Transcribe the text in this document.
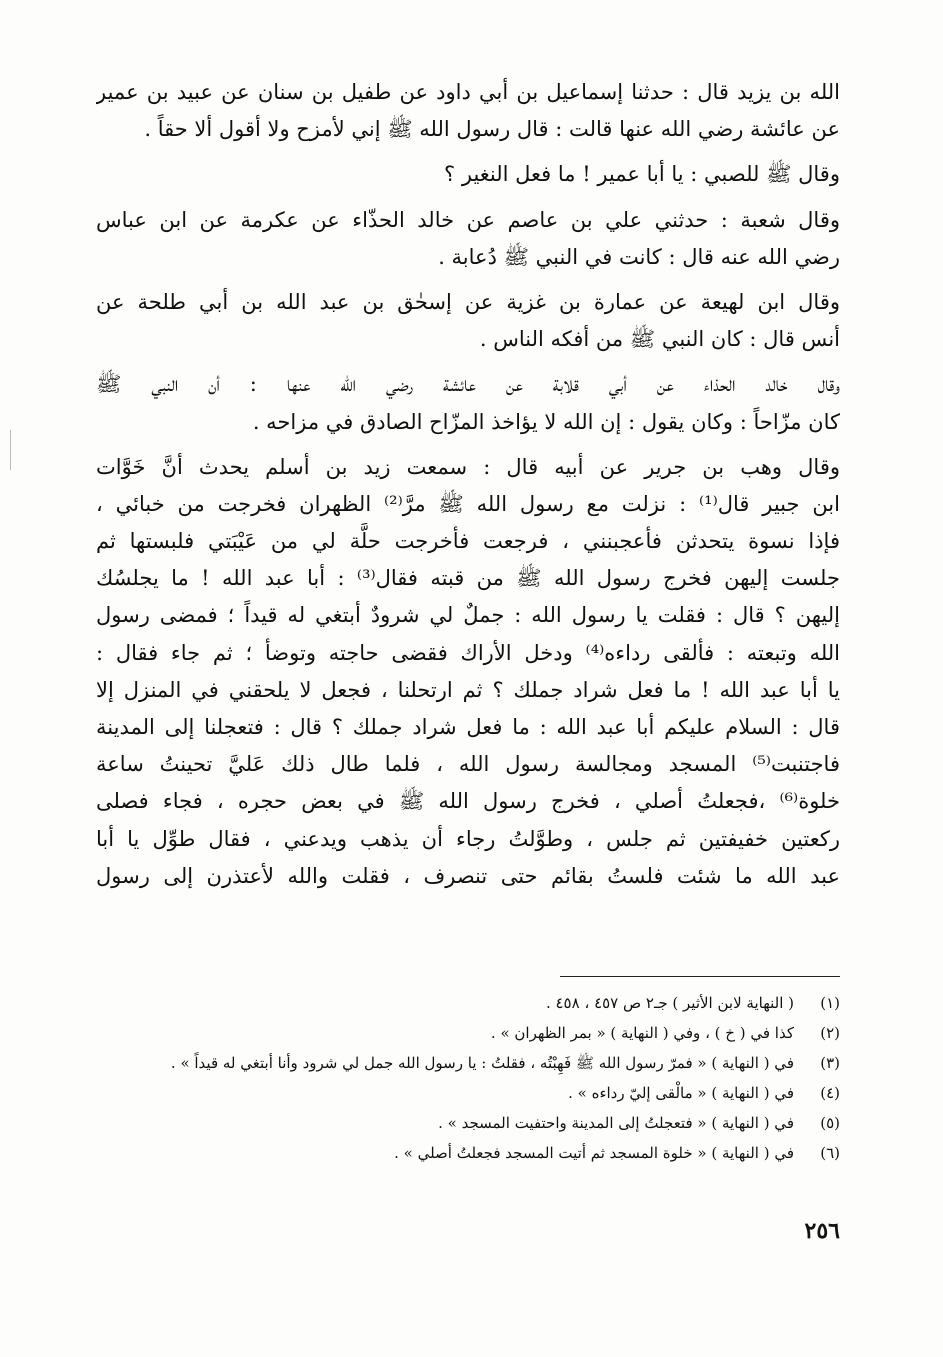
الله بن يزيد قال : حدثنا إسماعيل بن أبي داود عن طفيل بن سنان عن عبيد بن عمير
عن عائشة رضي الله عنها قالت : قال رسول الله ﷺ إني لأمزح ولا أقول ألا حقاً .
وقال ﷺ للصبي : يا أبا عمير ! ما فعل النغير ؟
وقال شعبة : حدثني علي بن عاصم عن خالد الحذّاء عن عكرمة عن ابن عباس
رضي الله عنه قال : كانت في النبي ﷺ دُعابة .
وقال ابن لهيعة عن عمارة بن غزية عن إسحٰق بن عبد الله بن أبي طلحة عن
أنس قال : كان النبي ﷺ من أفكه الناس .
وقال خالد الحذاء عن أبي قلابة عن عائشة رضي الله عنها : أن النبي ﷺ
كان مزّاحاً : وكان يقول : إن الله لا يؤاخذ المزّاح الصادق في مزاحه .
وقال وهب بن جرير عن أبيه قال : سمعت زيد بن أسلم يحدث أنَّ خَوَّات
ابن جبير قال⁽¹⁾ : نزلت مع رسول الله ﷺ مرَّ⁽²⁾ الظهران فخرجت من خبائي ،
فإذا نسوة يتحدثن فأعجبنني ، فرجعت فأخرجت حلَّة لي من عَيْبَتي فلبستها ثم
جلست إليهن فخرج رسول الله ﷺ من قبته فقال⁽³⁾ : أبا عبد الله ! ما يجلسُك
إليهن ؟ قال : فقلت يا رسول الله : جملٌ لي شرودٌ أبتغي له قيداً ؛ فمضى رسول
الله وتبعته : فألقى رداءه⁽⁴⁾ ودخل الأراك فقضى حاجته وتوضأ ؛ ثم جاء فقال :
يا أبا عبد الله ! ما فعل شراد جملك ؟ ثم ارتحلنا ، فجعل لا يلحقني في المنزل إلا
قال : السلام عليكم أبا عبد الله : ما فعل شراد جملك ؟ قال : فتعجلنا إلى المدينة
فاجتنبت⁽⁵⁾ المسجد ومجالسة رسول الله ، فلما طال ذلك عَليَّ تحينتُ ساعة
خلوة⁽⁶⁾ ،فجعلتُ أصلي ، فخرج رسول الله ﷺ في بعض حجره ، فجاء فصلى
ركعتين خفيفتين ثم جلس ، وطوَّلتُ رجاء أن يذهب ويدعني ، فقال طوِّل يا أبا
عبد الله ما شئت فلستُ بقائم حتى تنصرف ، فقلت والله لأعتذرن إلى رسول
(١)
( النهاية لابن الأثير ) جـ٢ ص ٤٥٧ ، ٤٥٨ .
(٢)
كذا في ( خ ) ، وفي ( النهاية ) « بمر الظهران » .
(٣)
في ( النهاية ) « فمرّ رسول الله ﷺ فَهِبْتُه ، فقلتُ : يا رسول الله جمل لي شرود وأنا أبتغي له قيداً » .
(٤)
في ( النهاية ) « مالْقى إليّ رداءه » .
(٥)
في ( النهاية ) « فتعجلتُ إلى المدينة واحتفيت المسجد » .
(٦)
في ( النهاية ) « خلوة المسجد ثم أتيت المسجد فجعلتُ أصلي » .
٢٥٦
